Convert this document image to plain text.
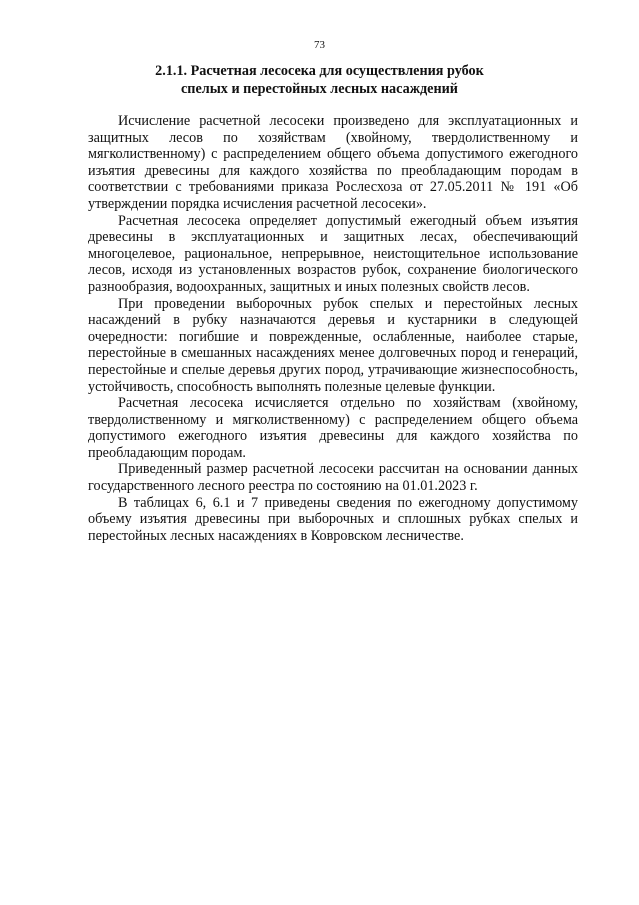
73
2.1.1. Расчетная лесосека для осуществления рубок
спелых и перестойных лесных насаждений

Исчисление расчетной лесосеки произведено для эксплуатационных и защитных лесов по хозяйствам (хвойному, твердолиственному и мягколиственному) с распределением общего объема допустимого ежегодного изъятия древесины для каждого хозяйства по преобладающим породам в соответствии с требованиями приказа Рослесхоза от 27.05.2011 № 191 «Об утверждении порядка исчисления расчетной лесосеки».

Расчетная лесосека определяет допустимый ежегодный объем изъятия древесины в эксплуатационных и защитных лесах, обеспечивающий многоцелевое, рациональное, непрерывное, неистощительное использование лесов, исходя из установленных возрастов рубок, сохранение биологического разнообразия, водоохранных, защитных и иных полезных свойств лесов.

При проведении выборочных рубок спелых и перестойных лесных насаждений в рубку назначаются деревья и кустарники в следующей очередности: погибшие и поврежденные, ослабленные, наиболее старые, перестойные в смешанных насаждениях менее долговечных пород и генераций, перестойные и спелые деревья других пород, утрачивающие жизнеспособность, устойчивость, способность выполнять полезные целевые функции.

Расчетная лесосека исчисляется отдельно по хозяйствам (хвойному, твердолиственному и мягколиственному) с распределением общего объема допустимого ежегодного изъятия древесины для каждого хозяйства по преобладающим породам.

Приведенный размер расчетной лесосеки рассчитан на основании данных государственного лесного реестра по состоянию на 01.01.2023 г.

В таблицах 6, 6.1 и 7 приведены сведения по ежегодному допустимому объему изъятия древесины при выборочных и сплошных рубках спелых и перестойных лесных насаждениях в Ковровском лесничестве.
